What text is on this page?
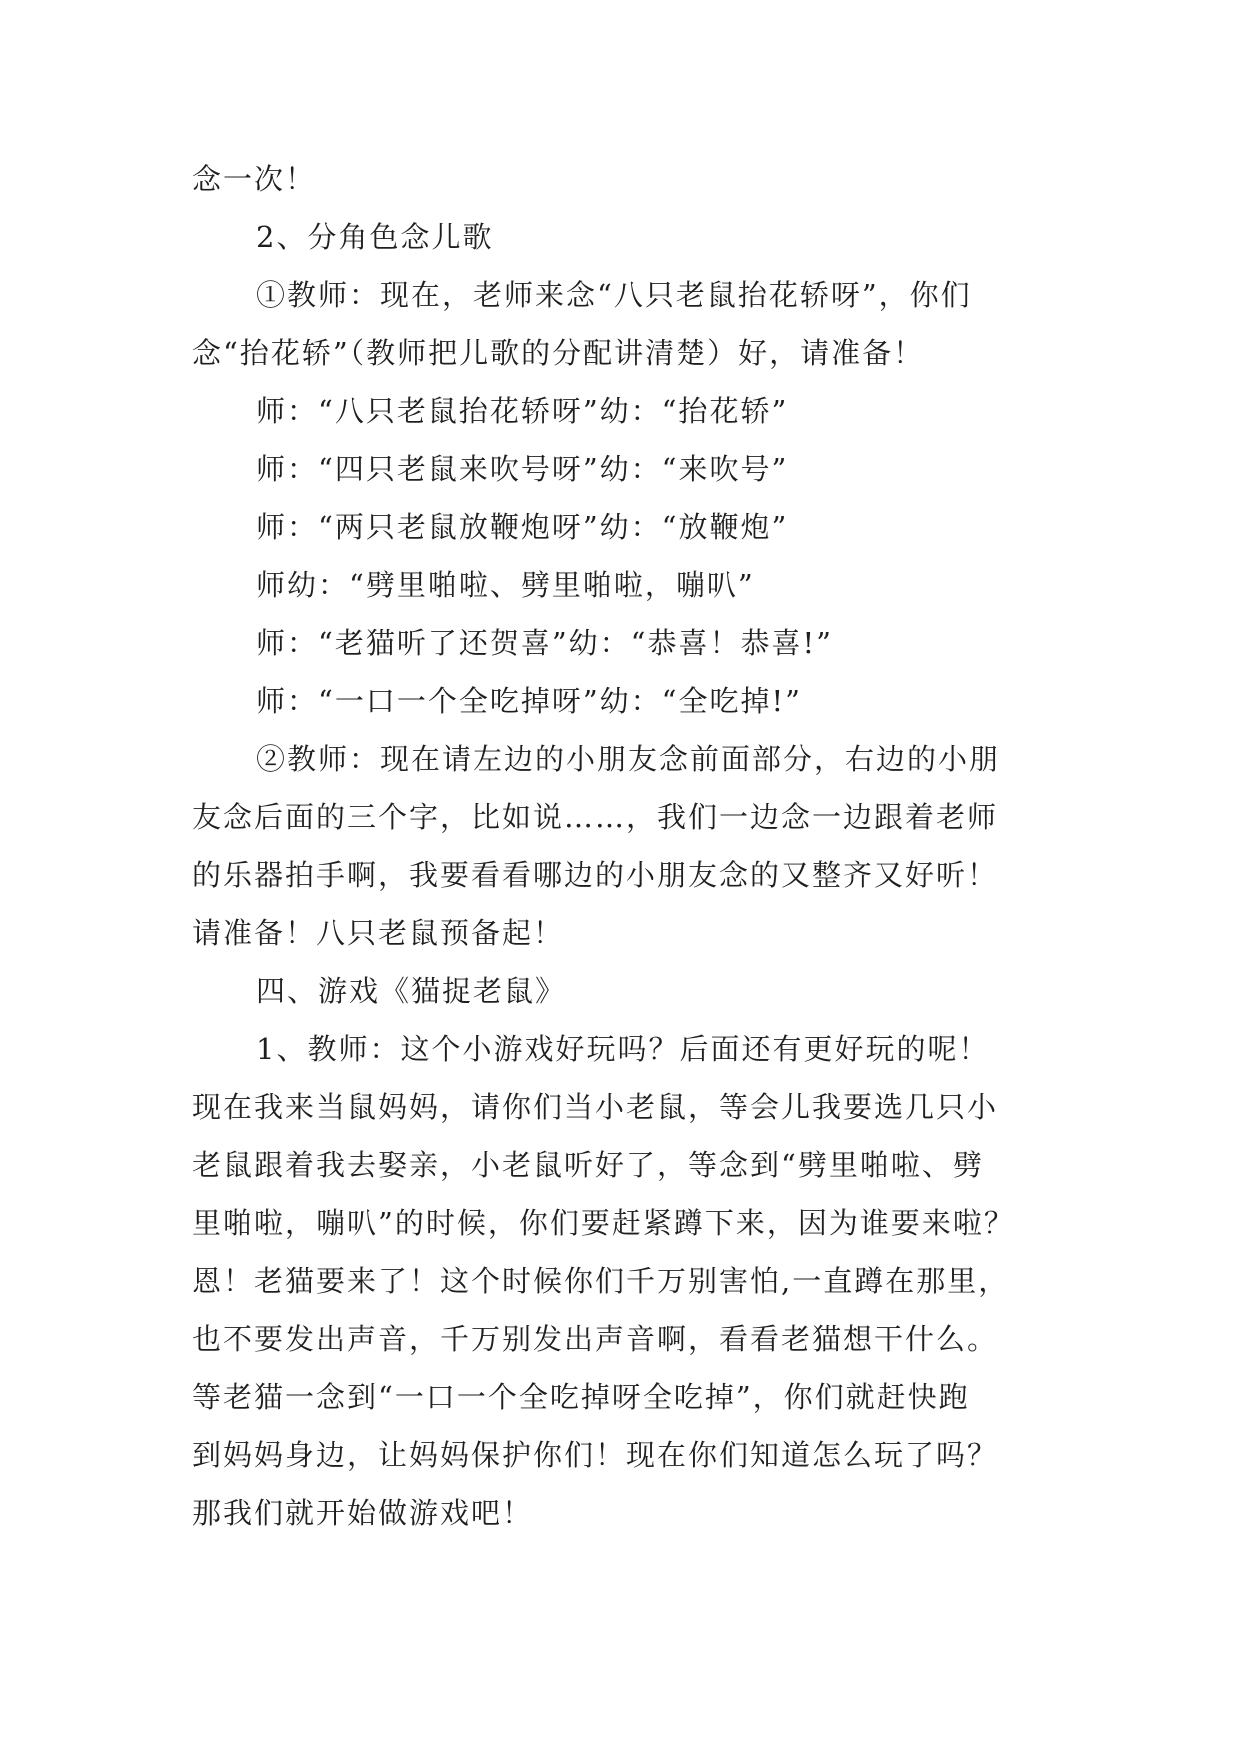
念一次！
2、分角色念儿歌
①教师：现在，老师来念“八只老鼠抬花轿呀”，你们
念“抬花轿”（教师把儿歌的分配讲清楚）好，请准备！
师：“八只老鼠抬花轿呀”幼：“抬花轿”
师：“四只老鼠来吹号呀”幼：“来吹号”
师：“两只老鼠放鞭炮呀”幼：“放鞭炮”
师幼：“劈里啪啦、劈里啪啦，嘣叭”
师：“老猫听了还贺喜”幼：“恭喜！恭喜!”
师：“一口一个全吃掉呀”幼：“全吃掉!”
②教师：现在请左边的小朋友念前面部分，右边的小朋
友念后面的三个字，比如说……，我们一边念一边跟着老师
的乐器拍手啊，我要看看哪边的小朋友念的又整齐又好听！
请准备！八只老鼠预备起！
四、游戏《猫捉老鼠》
1、教师：这个小游戏好玩吗？后面还有更好玩的呢！
现在我来当鼠妈妈，请你们当小老鼠，等会儿我要选几只小
老鼠跟着我去娶亲，小老鼠听好了，等念到“劈里啪啦、劈
里啪啦，嘣叭”的时候，你们要赶紧蹲下来，因为谁要来啦？
恩！老猫要来了！这个时候你们千万别害怕,一直蹲在那里，
也不要发出声音，千万别发出声音啊，看看老猫想干什么。
等老猫一念到“一口一个全吃掉呀全吃掉”，你们就赶快跑
到妈妈身边，让妈妈保护你们！现在你们知道怎么玩了吗？
那我们就开始做游戏吧！
